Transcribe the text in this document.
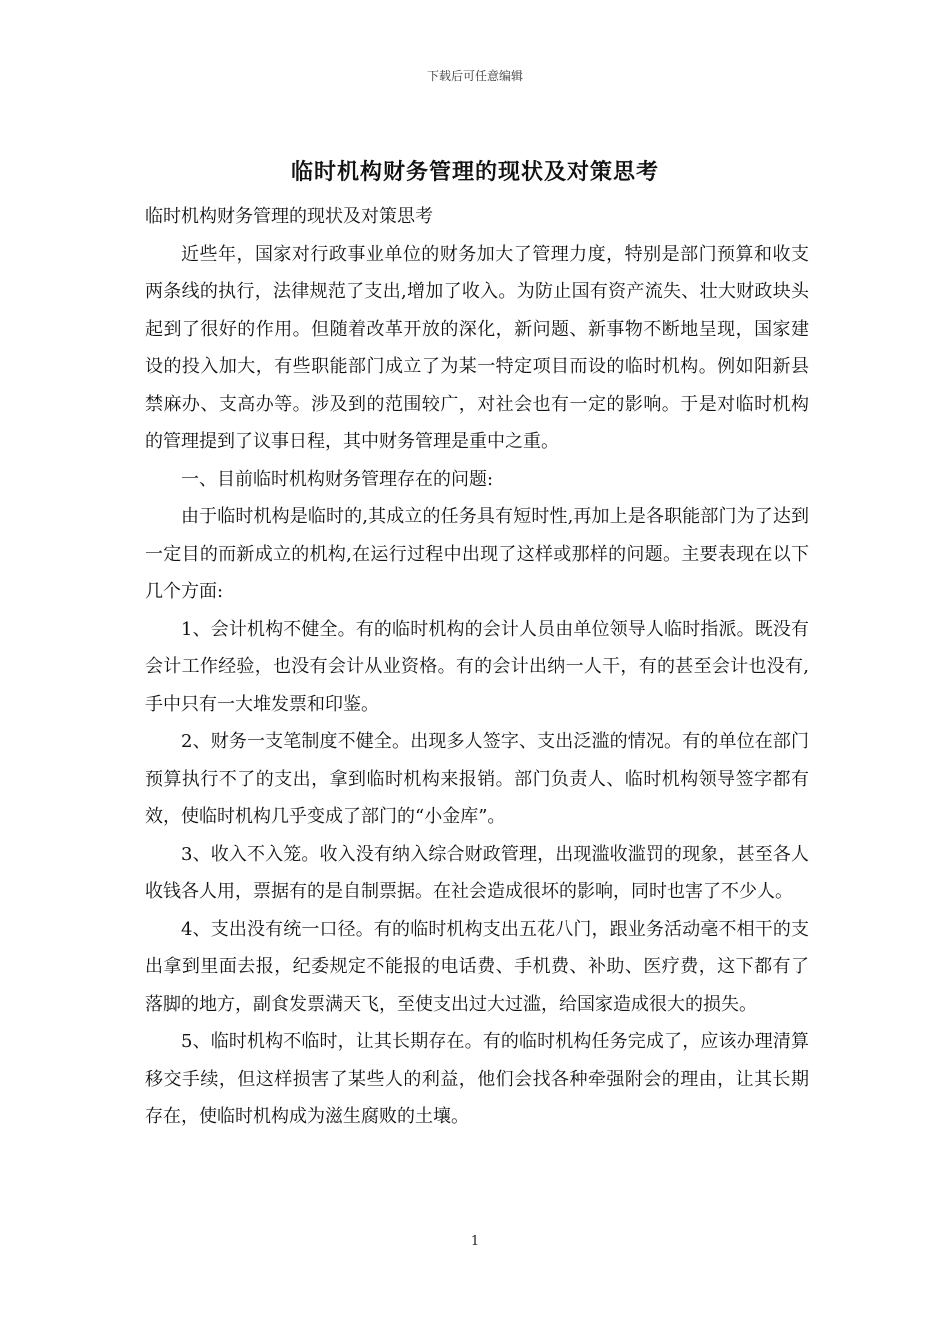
下载后可任意编辑
临时机构财务管理的现状及对策思考

临时机构财务管理的现状及对策思考

近些年，国家对行政事业单位的财务加大了管理力度，特别是部门预算和收支两条线的执行，法律规范了支出,增加了收入。为防止国有资产流失、壮大财政块头起到了很好的作用。但随着改革开放的深化，新问题、新事物不断地呈现，国家建设的投入加大，有些职能部门成立了为某一特定项目而设的临时机构。例如阳新县禁麻办、支高办等。涉及到的范围较广，对社会也有一定的影响。于是对临时机构的管理提到了议事日程，其中财务管理是重中之重。

一、目前临时机构财务管理存在的问题:

由于临时机构是临时的,其成立的任务具有短时性,再加上是各职能部门为了达到一定目的而新成立的机构,在运行过程中出现了这样或那样的问题。主要表现在以下几个方面:

1、会计机构不健全。有的临时机构的会计人员由单位领导人临时指派。既没有会计工作经验，也没有会计从业资格。有的会计出纳一人干，有的甚至会计也没有,手中只有一大堆发票和印鉴。

2、财务一支笔制度不健全。出现多人签字、支出泛滥的情况。有的单位在部门预算执行不了的支出，拿到临时机构来报销。部门负责人、临时机构领导签字都有效，使临时机构几乎变成了部门的“小金库”。

3、收入不入笼。收入没有纳入综合财政管理，出现滥收滥罚的现象，甚至各人收钱各人用，票据有的是自制票据。在社会造成很坏的影响，同时也害了不少人。

4、支出没有统一口径。有的临时机构支出五花八门，跟业务活动毫不相干的支出拿到里面去报，纪委规定不能报的电话费、手机费、补助、医疗费，这下都有了落脚的地方，副食发票满天飞，至使支出过大过滥，给国家造成很大的损失。

5、临时机构不临时，让其长期存在。有的临时机构任务完成了，应该办理清算移交手续，但这样损害了某些人的利益，他们会找各种牵强附会的理由，让其长期存在，使临时机构成为滋生腐败的土壤。

1
